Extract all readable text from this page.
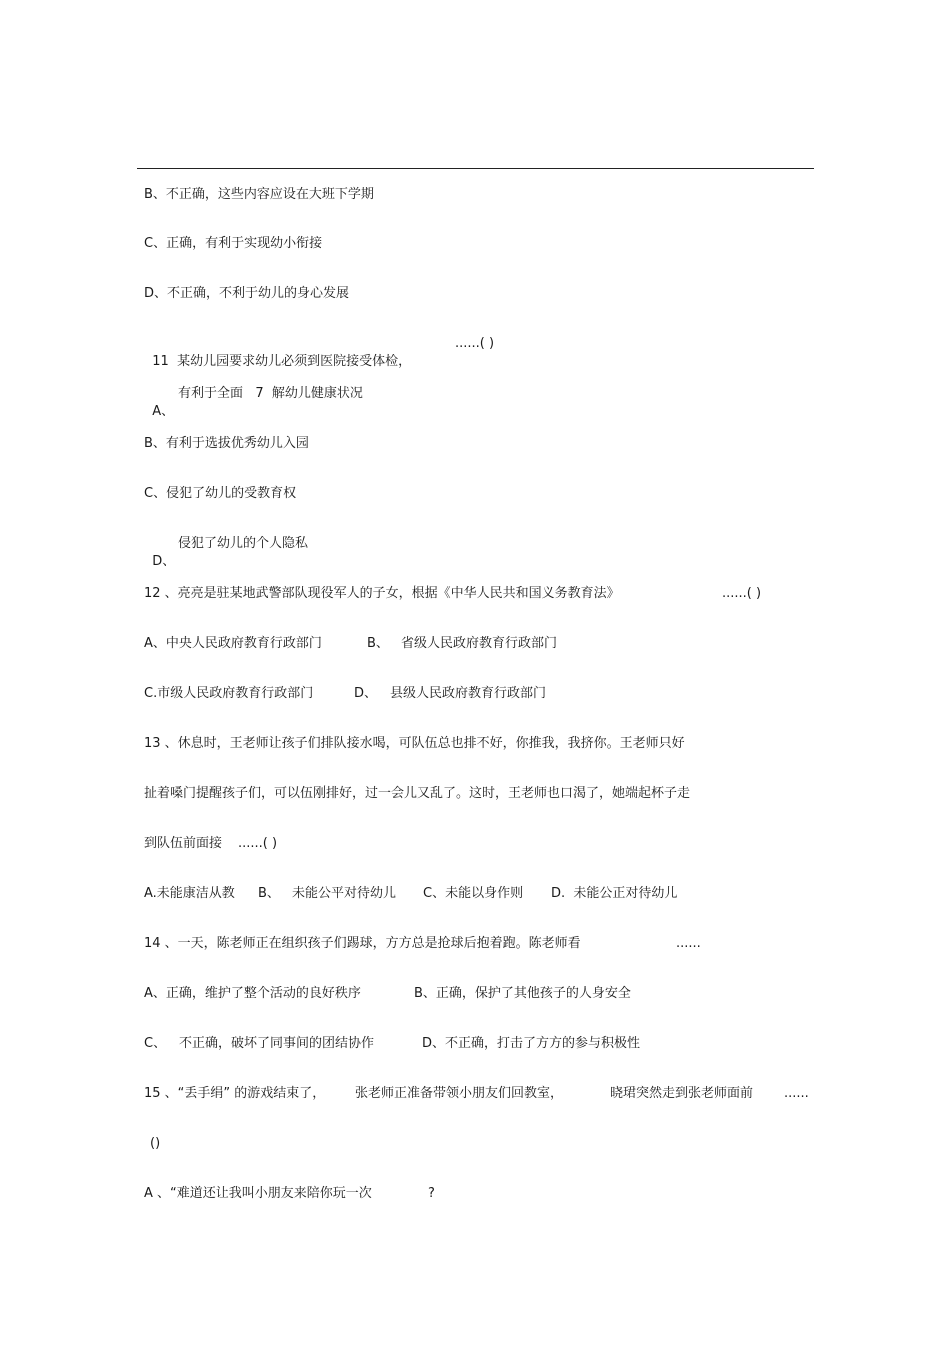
B、不正确，这些内容应设在大班下学期
C、正确，有利于实现幼小衔接
D、不正确，不利于幼儿的身心发展

11  某幼儿园要求幼儿必须到医院接受体检，

......( )

A、

有利于全面   7  解幼儿健康状况
B、有利于选拔优秀幼儿入园
C、侵犯了幼儿的受教育权

D、

侵犯了幼儿的个人隐私
12 、亮亮是驻某地武警部队现役军人的子女，根据《中华人民共和国义务教育法》	......( )
A、中央人民政府教育行政部门	B、 省级人民政府教育行政部门
C.市级人民政府教育行政部门	D、 县级人民政府教育行政部门
13 、休息时，王老师让孩子们排队接水喝，可队伍总也排不好，你推我，我挤你。王老师只好
扯着嗓门提醒孩子们，可以伍刚排好，过一会儿又乱了。这时，王老师也口渴了，她端起杯子走
到队伍前面接 ......( )
A.未能康洁从教 B、 未能公平对待幼儿 C、未能以身作则 D.  未能公正对待幼儿
14 、一天，陈老师正在组织孩子们踢球，方方总是抢球后抱着跑。陈老师看	......
A、正确，维护了整个活动的良好秩序	B、正确，保护了其他孩子的人身安全
C、 不正确，破坏了同事间的团结协作	D、不正确，打击了方方的参与积极性
15 、“丢手绢” 的游戏结束了， 张老师正准备带领小朋友们回教室，	晓珺突然走到张老师面前 ......
()
A 、“难道还让我叫小朋友来陪你玩一次	?
